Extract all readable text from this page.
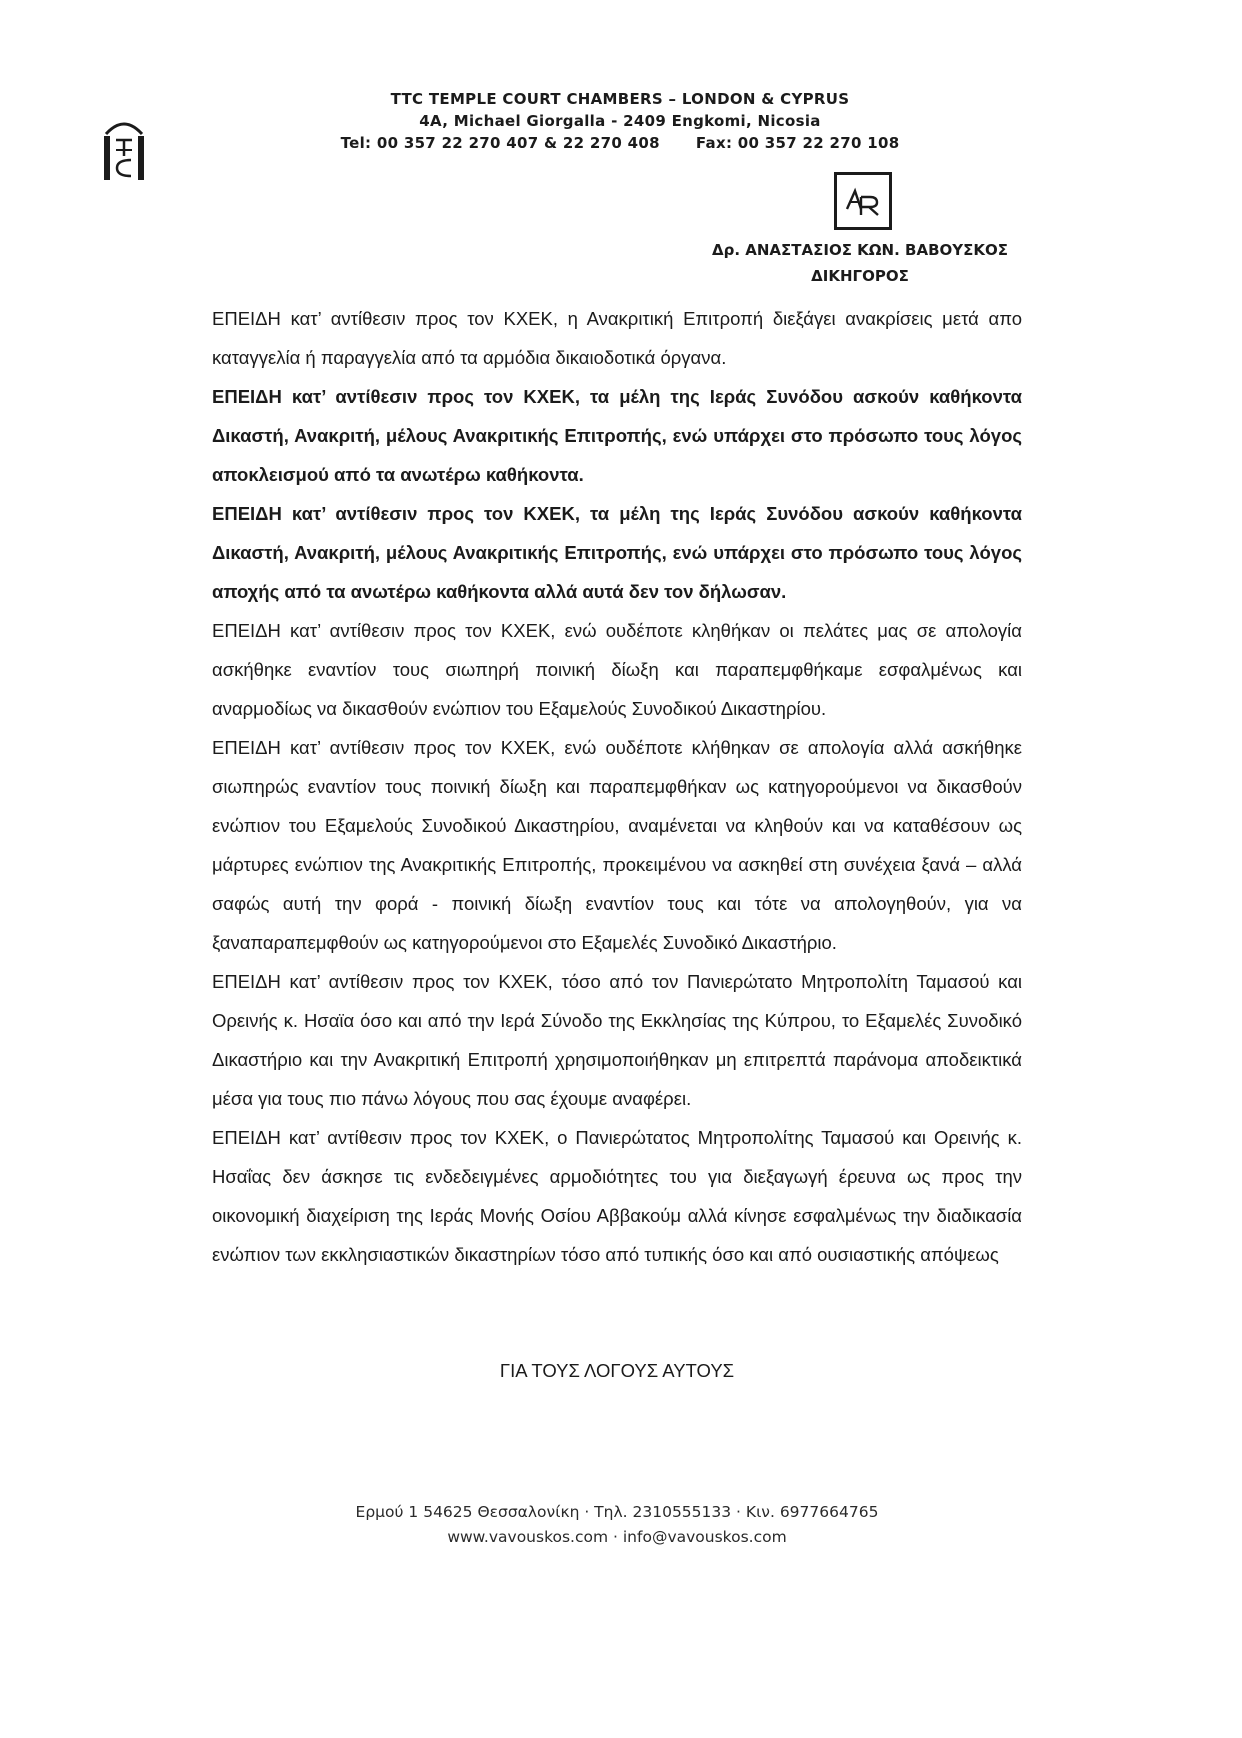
TTC TEMPLE COURT CHAMBERS – LONDON & CYPRUS
4A, Michael Giorgalla - 2409 Engkomi, Nicosia
Tel: 00 357 22 270 407 & 22 270 408 Fax: 00 357 22 270 108
Δρ. ΑΝΑΣΤΑΣΙΟΣ ΚΩΝ. ΒΑΒΟΥΣΚΟΣ
ΔΙΚΗΓΟΡΟΣ

ΕΠΕΙΔΗ κατ’ αντίθεσιν προς τον ΚΧΕΚ, η Ανακριτική Επιτροπή διεξάγει ανακρίσεις μετά απο καταγγελία ή παραγγελία από τα αρμόδια δικαιοδοτικά όργανα.

ΕΠΕΙΔΗ κατ’ αντίθεσιν προς τον ΚΧΕΚ, τα μέλη της Ιεράς Συνόδου ασκούν καθήκοντα Δικαστή, Ανακριτή, μέλους Ανακριτικής Επιτροπής, ενώ υπάρχει στο πρόσωπο τους λόγος αποκλεισμού από τα ανωτέρω καθήκοντα.

ΕΠΕΙΔΗ κατ’ αντίθεσιν προς τον ΚΧΕΚ, τα μέλη της Ιεράς Συνόδου ασκούν καθήκοντα Δικαστή, Ανακριτή, μέλους Ανακριτικής Επιτροπής, ενώ υπάρχει στο πρόσωπο τους λόγος αποχής από τα ανωτέρω καθήκοντα αλλά αυτά δεν τον δήλωσαν.

ΕΠΕΙΔΗ κατ’ αντίθεσιν προς τον ΚΧΕΚ, ενώ ουδέποτε κληθήκαν οι πελάτες μας σε απολογία ασκήθηκε εναντίον τους σιωπηρή ποινική δίωξη και παραπεμφθήκαμε εσφαλμένως και αναρμοδίως να δικασθούν ενώπιον του Εξαμελούς Συνοδικού Δικαστηρίου.

ΕΠΕΙΔΗ κατ’ αντίθεσιν προς τον ΚΧΕΚ, ενώ ουδέποτε κλήθηκαν σε απολογία αλλά ασκήθηκε σιωπηρώς εναντίον τους ποινική δίωξη και παραπεμφθήκαν ως κατηγορούμενοι να δικασθούν ενώπιον του Εξαμελούς Συνοδικού Δικαστηρίου, αναμένεται να κληθούν και να καταθέσουν ως μάρτυρες ενώπιον της Ανακριτικής Επιτροπής, προκειμένου να ασκηθεί στη συνέχεια ξανά – αλλά σαφώς αυτή την φορά - ποινική δίωξη εναντίον τους και τότε να απολογηθούν, για να ξαναπαραπεμφθούν ως κατηγορούμενοι στο Εξαμελές Συνοδικό Δικαστήριο.

ΕΠΕΙΔΗ κατ’ αντίθεσιν προς τον ΚΧΕΚ, τόσο από τον Πανιερώτατο Μητροπολίτη Ταμασού και Ορεινής κ. Ησαϊα όσο και από την Ιερά Σύνοδο της Εκκλησίας της Κύπρου, το Εξαμελές Συνοδικό Δικαστήριο και την Ανακριτική Επιτροπή χρησιμοποιήθηκαν μη επιτρεπτά παράνομα αποδεικτικά μέσα για τους πιο πάνω λόγους που σας έχουμε αναφέρει.

ΕΠΕΙΔΗ κατ’ αντίθεσιν προς τον ΚΧΕΚ, ο Πανιερώτατος Μητροπολίτης Ταμασού και Ορεινής κ. Ησαΐας δεν άσκησε τις ενδεδειγμένες αρμοδιότητες του για διεξαγωγή έρευνα ως προς την οικονομική διαχείριση της Ιεράς Μονής Οσίου Αββακούμ αλλά κίνησε εσφαλμένως την διαδικασία ενώπιον των εκκλησιαστικών δικαστηρίων τόσο από τυπικής όσο και από ουσιαστικής απόψεως

ΓΙΑ ΤΟΥΣ ΛΟΓΟΥΣ ΑΥΤΟΥΣ
Ερμού 1 54625 Θεσσαλονίκη · Τηλ. 2310555133 · Κιν. 6977664765
www.vavouskos.com · info@vavouskos.com
